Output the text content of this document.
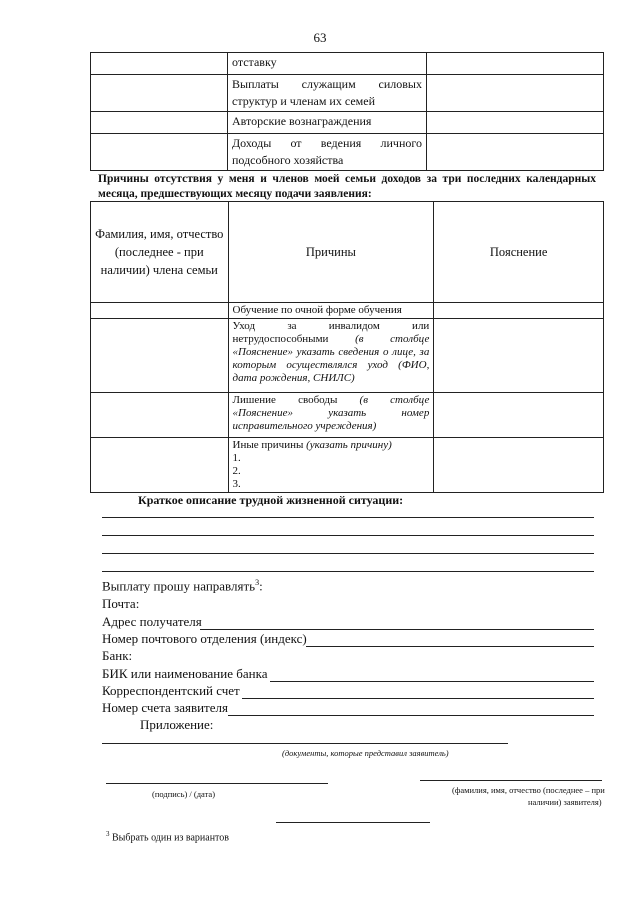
63
	отставку	
	Выплаты служащим силовых структур и членам их семей	
	Авторские вознаграждения	
	Доходы от ведения личного подсобного хозяйства	
Причины отсутствия у меня и членов моей семьи доходов за три последних календарных месяца, предшествующих месяцу подачи заявления:
Фамилия, имя, отчество (последнее - при наличии) члена семьи	Причины	Пояснение
	Обучение по очной форме обучения	
	Уход за инвалидом или нетрудоспособными (в столбце «Пояснение» указать сведения о лице, за которым осуществлялся уход (ФИО, дата рождения, СНИЛС)	
	Лишение свободы (в столбце «Пояснение» указать номер исправительного учреждения)	
	Иные причины (указать причину)
1.
2.
3.	
Краткое описание трудной жизненной ситуации:
Выплату прошу направлять$^3$:
Почта:
Адрес получателя
Номер почтового отделения (индекс)
Банк:
БИК или наименование банка
Корреспондентский счет
Номер счета заявителя
Приложение:
(документы, которые представил заявитель)
(подпись) / (дата)	(фамилия, имя, отчество (последнее – при
наличии) заявителя)
$^3$ Выбрать один из вариантов
